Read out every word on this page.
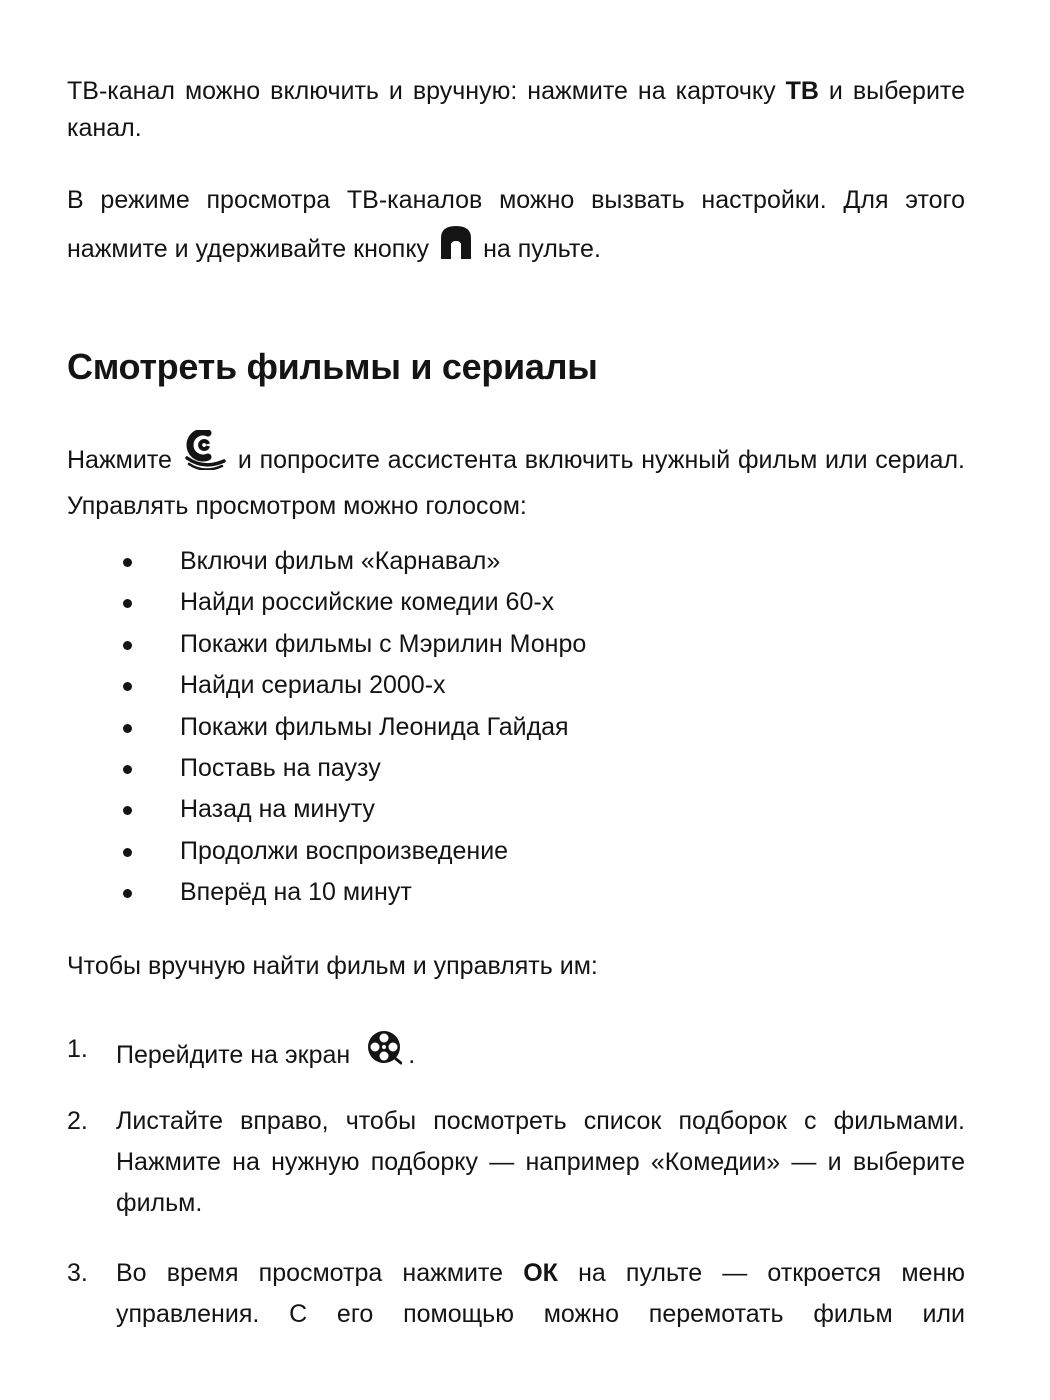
ТВ-канал можно включить и вручную: нажмите на карточку ТВ и выберите канал.

В режиме просмотра ТВ-каналов можно вызвать настройки. Для этого нажмите и удерживайте кнопку на пульте.

Смотреть фильмы и сериалы

Нажмите	и попросите ассистента включить нужный фильм или сериал. Управлять просмотром можно голосом:

Включи фильм «Карнавал»
Найди российские комедии 60-х
Покажи фильмы с Мэрилин Монро
Найди сериалы 2000-х
Покажи фильмы Леонида Гайдая
Поставь на паузу
Назад на минуту
Продолжи воспроизведение
Вперёд на 10 минут

Чтобы вручную найти фильм и управлять им:

1. Перейдите на экран .
2. Листайте вправо, чтобы посмотреть список подборок с фильмами. Нажмите на нужную подборку — например «Комедии» — и выберите фильм.
3. Во время просмотра нажмите ОК на пульте — откроется меню управления. С его помощью можно перемотать фильм или
